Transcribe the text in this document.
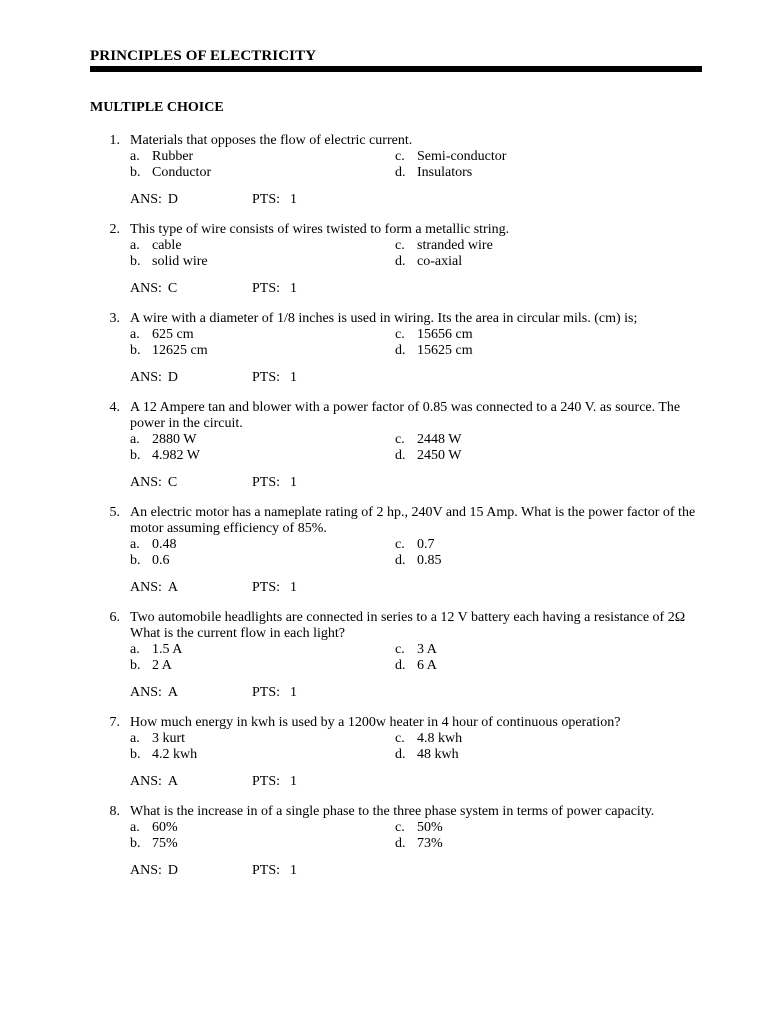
PRINCIPLES OF ELECTRICITY
MULTIPLE CHOICE
1. Materials that opposes the flow of electric current.
a. Rubber	c. Semi-conductor
b. Conductor	d. Insulators
ANS: D	PTS: 1
2. This type of wire consists of wires twisted to form a metallic string.
a. cable	c. stranded wire
b. solid wire	d. co-axial
ANS: C	PTS: 1
3. A wire with a diameter of 1/8 inches is used in wiring. Its the area in circular mils. (cm) is;
a. 625 cm	c. 15656 cm
b. 12625 cm	d. 15625 cm
ANS: D	PTS: 1
4. A 12 Ampere tan and blower with a power factor of 0.85 was connected to a 240 V. as source. The power in the circuit.
a. 2880 W	c. 2448 W
b. 4.982 W	d. 2450 W
ANS: C	PTS: 1
5. An electric motor has a nameplate rating of 2 hp., 240V and 15 Amp. What is the power factor of the motor assuming efficiency of 85%.
a. 0.48	c. 0.7
b. 0.6	d. 0.85
ANS: A	PTS: 1
6. Two automobile headlights are connected in series to a 12 V battery each having a resistance of 2Ω What is the current flow in each light?
a. 1.5 A	c. 3 A
b. 2 A	d. 6 A
ANS: A	PTS: 1
7. How much energy in kwh is used by a 1200w heater in 4 hour of continuous operation?
a. 3 kurt	c. 4.8 kwh
b. 4.2 kwh	d. 48 kwh
ANS: A	PTS: 1
8. What is the increase in of a single phase to the three phase system in terms of power capacity.
a. 60%	c. 50%
b. 75%	d. 73%
ANS: D	PTS: 1
